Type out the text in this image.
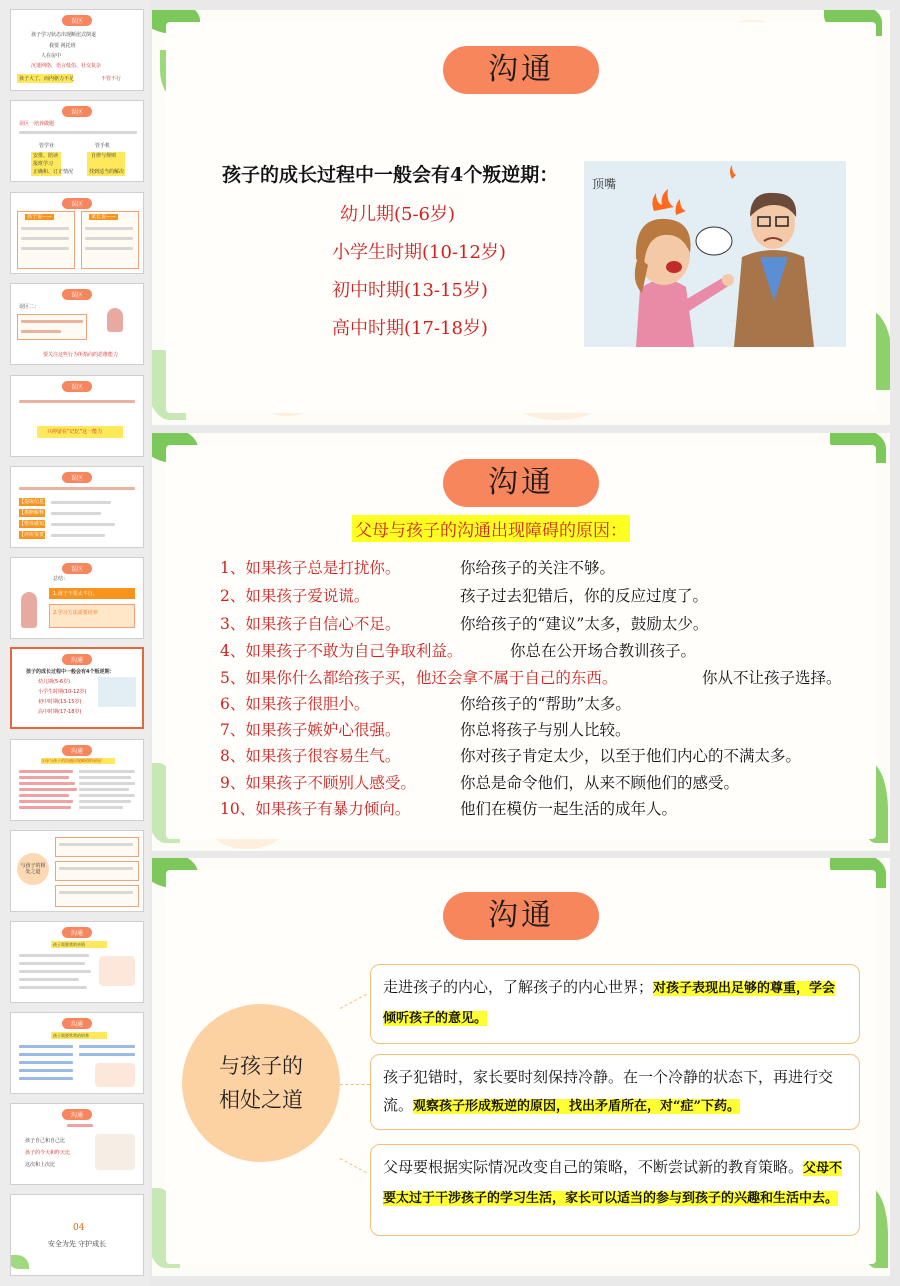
误区
孩子学习状态出现断崖式倒退
我要 视托班
人在房中
沉迷网络、语言低俗、社交复杂
孩子大了，而内驱力不足	不管不行
误区
误区一培养做题
管学业	管手机
安排、陪读	自律与规则
报班学习
正确和、订正情况	找到适当的解决
误区
孩子说——	家长说——
误区
误区二：
要关注这些行为所指向的思维能力
误区
只停留在“记忆”这一能力
误区
【提取信息】
【推断解释】
【整体感知】
【评价鉴赏】
误区
总结：
1.孩子不要太不行。
2.学习方法需要培养
沟通
孩子的成长过程中一般会有4个叛逆期：
幼儿期(5-6岁)
小学生时期(10-12岁)
初中时期(13-15岁)
高中时期(17-18岁)
沟通
父母与孩子的沟通出现障碍的原因：
与孩子的相处之道
沟通
孩子需要常的亲情
沟通
孩子需要常常的培养
沟通
孩子自己和自己比
孩子的今天和昨天比
这次和上次比
04
安全为先 守护成长
沟通
孩子的成长过程中一般会有4个叛逆期：
幼儿期(5-6岁)
小学生时期(10-12岁)
初中时期(13-15岁)
高中时期(17-18岁)
顶嘴
沟通
父母与孩子的沟通出现障碍的原因：
1、如果孩子总是打扰你。	你给孩子的关注不够。
2、如果孩子爱说谎。	孩子过去犯错后，你的反应过度了。
3、如果孩子自信心不足。	你给孩子的“建议”太多，鼓励太少。
4、如果孩子不敢为自己争取利益。	你总在公开场合教训孩子。
5、如果你什么都给孩子买，他还会拿不属于自己的东西。	你从不让孩子选择。
6、如果孩子很胆小。	你给孩子的“帮助”太多。
7、如果孩子嫉妒心很强。	你总将孩子与别人比较。
8、如果孩子很容易生气。	你对孩子肯定太少，以至于他们内心的不满太多。
9、如果孩子不顾别人感受。	你总是命令他们，从来不顾他们的感受。
10、如果孩子有暴力倾向。	他们在模仿一起生活的成年人。
沟通
与孩子的
相处之道
走进孩子的内心，了解孩子的内心世界；对孩子表现出足够的尊重，学会倾听孩子的意见。
孩子犯错时，家长要时刻保持冷静。在一个冷静的状态下，再进行交流。观察孩子形成叛逆的原因，找出矛盾所在，对“症”下药。
父母要根据实际情况改变自己的策略，不断尝试新的教育策略。父母不要太过于干涉孩子的学习生活，家长可以适当的参与到孩子的兴趣和生活中去。
